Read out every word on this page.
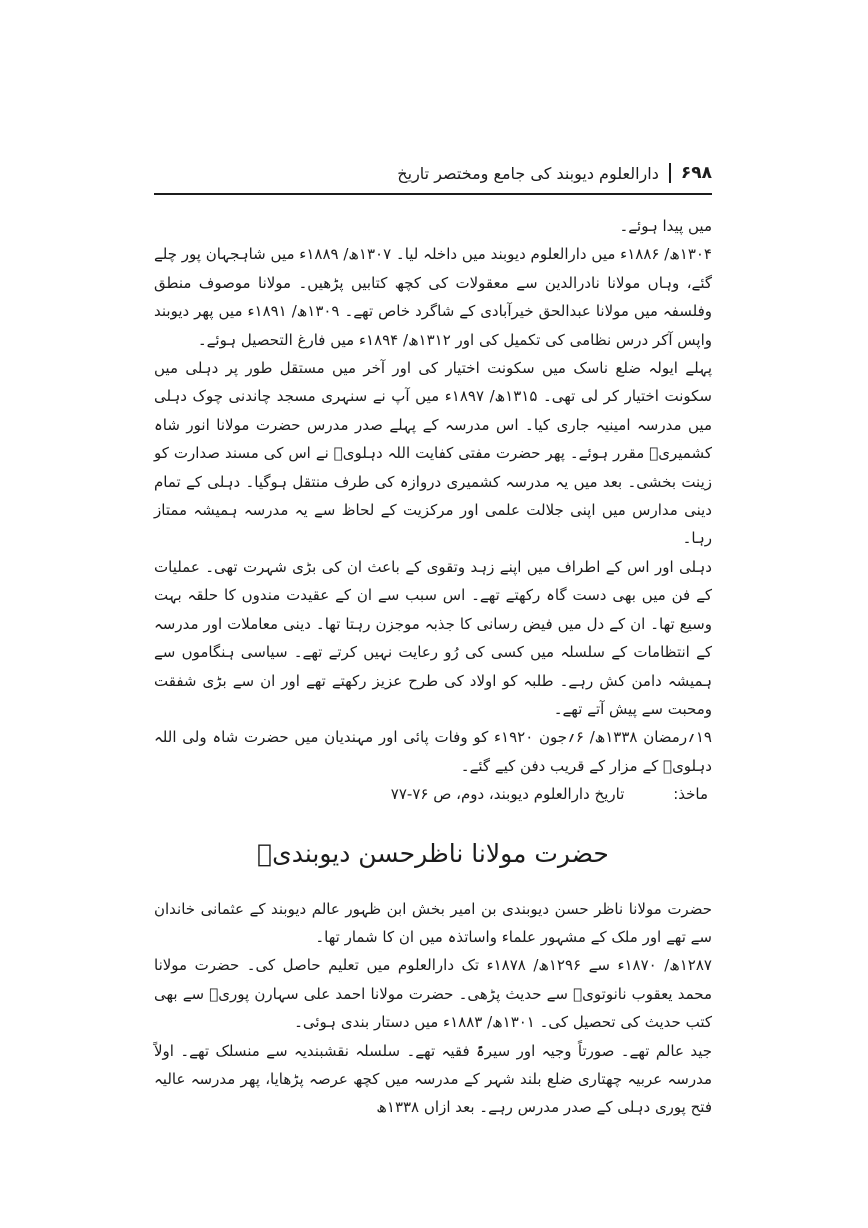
۶۹۸
دارالعلوم دیوبند کی جامع ومختصر تاریخ

میں پیدا ہوئے۔

۱۳۰۴ھ/ ۱۸۸۶ء میں دارالعلوم دیوبند میں داخلہ لیا۔ ۱۳۰۷ھ/ ۱۸۸۹ء میں شاہجہان پور چلے گئے، وہاں مولانا نادرالدین سے معقولات کی کچھ کتابیں پڑھیں۔ مولانا موصوف منطق وفلسفہ میں مولانا عبدالحق خیرآبادی کے شاگرد خاص تھے۔ ۱۳۰۹ھ/ ۱۸۹۱ء میں پھر دیوبند واپس آکر درس نظامی کی تکمیل کی اور ۱۳۱۲ھ/ ۱۸۹۴ء میں فارغ التحصیل ہوئے۔

پہلے ایولہ ضلع ناسک میں سکونت اختیار کی اور آخر میں مستقل طور پر دہلی میں سکونت اختیار کر لی تھی۔ ۱۳۱۵ھ/ ۱۸۹۷ء میں آپ نے سنہری مسجد چاندنی چوک دہلی میں مدرسہ امینیہ جاری کیا۔ اس مدرسہ کے پہلے صدر مدرس حضرت مولانا انور شاہ کشمیریؒ مقرر ہوئے۔ پھر حضرت مفتی کفایت اللہ دہلویؒ نے اس کی مسند صدارت کو زینت بخشی۔ بعد میں یہ مدرسہ کشمیری دروازہ کی طرف منتقل ہوگیا۔ دہلی کے تمام دینی مدارس میں اپنی جلالت علمی اور مرکزیت کے لحاظ سے یہ مدرسہ ہمیشہ ممتاز رہا۔

دہلی اور اس کے اطراف میں اپنے زہد وتقوی کے باعث ان کی بڑی شہرت تھی۔ عملیات کے فن میں بھی دست گاہ رکھتے تھے۔ اس سبب سے ان کے عقیدت مندوں کا حلقہ بہت وسیع تھا۔ ان کے دل میں فیض رسانی کا جذبہ موجزن رہتا تھا۔ دینی معاملات اور مدرسہ کے انتظامات کے سلسلہ میں کسی کی رُو رعایت نہیں کرتے تھے۔ سیاسی ہنگاموں سے ہمیشہ دامن کش رہے۔ طلبہ کو اولاد کی طرح عزیز رکھتے تھے اور ان سے بڑی شفقت ومحبت سے پیش آتے تھے۔

۱۹؍رمضان ۱۳۳۸ھ/ ۶؍جون ۱۹۲۰ء کو وفات پائی اور مہندیان میں حضرت شاہ ولی اللہ دہلویؒ کے مزار کے قریب دفن کیے گئے۔

ماخذ: تاریخ دارالعلوم دیوبند، دوم، ص ۷۶-۷۷

حضرت مولانا ناظرحسن دیوبندیؒ

حضرت مولانا ناظر حسن دیوبندی بن امیر بخش ابن ظہور عالم دیوبند کے عثمانی خاندان سے تھے اور ملک کے مشہور علماء واساتذہ میں ان کا شمار تھا۔

۱۲۸۷ھ/ ۱۸۷۰ء سے ۱۲۹۶ھ/ ۱۸۷۸ء تک دارالعلوم میں تعلیم حاصل کی۔ حضرت مولانا محمد یعقوب نانوتویؒ سے حدیث پڑھی۔ حضرت مولانا احمد علی سہارن پوریؒ سے بھی کتب حدیث کی تحصیل کی۔ ۱۳۰۱ھ/ ۱۸۸۳ء میں دستار بندی ہوئی۔

جید عالم تھے۔ صورتاً وجیہ اور سیرۃً فقیہ تھے۔ سلسلہ نقشبندیہ سے منسلک تھے۔ اولاً مدرسہ عربیہ چھتاری ضلع بلند شہر کے مدرسہ میں کچھ عرصہ پڑھایا، پھر مدرسہ عالیہ فتح پوری دہلی کے صدر مدرس رہے۔ بعد ازاں ۱۳۳۸ھ
